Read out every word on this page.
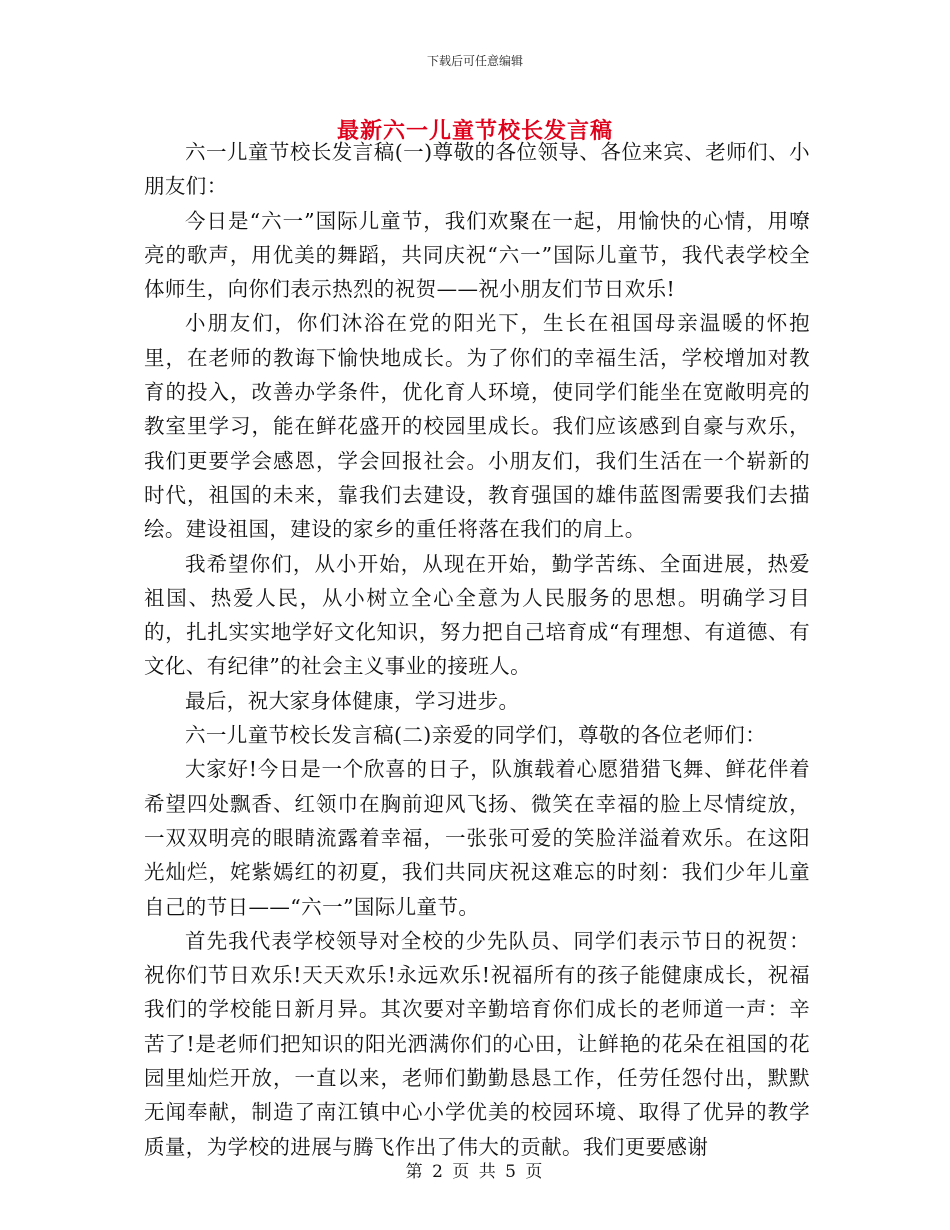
下载后可任意编辑
最新六一儿童节校长发言稿

六一儿童节校长发言稿(一)尊敬的各位领导、各位来宾、老师们、小朋友们：

今日是“六一”国际儿童节，我们欢聚在一起，用愉快的心情，用嘹亮的歌声，用优美的舞蹈，共同庆祝“六一”国际儿童节，我代表学校全体师生，向你们表示热烈的祝贺——祝小朋友们节日欢乐!

小朋友们，你们沐浴在党的阳光下，生长在祖国母亲温暖的怀抱里，在老师的教诲下愉快地成长。为了你们的幸福生活，学校增加对教育的投入，改善办学条件，优化育人环境，使同学们能坐在宽敞明亮的教室里学习，能在鲜花盛开的校园里成长。我们应该感到自豪与欢乐，我们更要学会感恩，学会回报社会。小朋友们，我们生活在一个崭新的时代，祖国的未来，靠我们去建设，教育强国的雄伟蓝图需要我们去描绘。建设祖国，建设的家乡的重任将落在我们的肩上。

我希望你们，从小开始，从现在开始，勤学苦练、全面进展，热爱祖国、热爱人民，从小树立全心全意为人民服务的思想。明确学习目的，扎扎实实地学好文化知识，努力把自己培育成“有理想、有道德、有文化、有纪律”的社会主义事业的接班人。

最后，祝大家身体健康，学习进步。

六一儿童节校长发言稿(二)亲爱的同学们，尊敬的各位老师们：

大家好!今日是一个欣喜的日子，队旗载着心愿猎猎飞舞、鲜花伴着希望四处飘香、红领巾在胸前迎风飞扬、微笑在幸福的脸上尽情绽放，一双双明亮的眼睛流露着幸福，一张张可爱的笑脸洋溢着欢乐。在这阳光灿烂，姹紫嫣红的初夏，我们共同庆祝这难忘的时刻：我们少年儿童自己的节日——“六一”国际儿童节。

首先我代表学校领导对全校的少先队员、同学们表示节日的祝贺：祝你们节日欢乐!天天欢乐!永远欢乐!祝福所有的孩子能健康成长，祝福我们的学校能日新月异。其次要对辛勤培育你们成长的老师道一声：辛苦了!是老师们把知识的阳光洒满你们的心田，让鲜艳的花朵在祖国的花园里灿烂开放，一直以来，老师们勤勤恳恳工作，任劳任怨付出，默默无闻奉献，制造了南江镇中心小学优美的校园环境、取得了优异的教学质量，为学校的进展与腾飞作出了伟大的贡献。我们更要感谢

第 2 页 共 5 页
